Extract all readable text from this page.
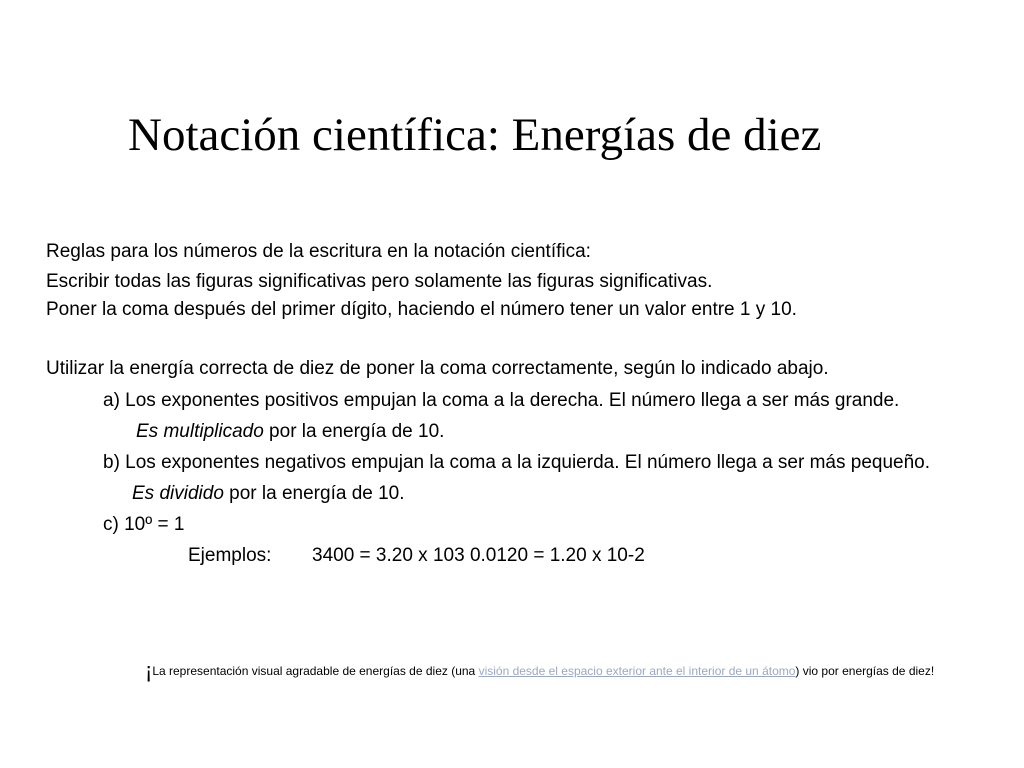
Notación científica: Energías de diez
Reglas para los números de la escritura en la notación científica:
Escribir todas las figuras significativas pero solamente las figuras significativas.
Poner la coma después del primer dígito, haciendo el número tener un valor entre 1 y 10.
Utilizar la energía correcta de diez de poner la coma correctamente, según lo indicado abajo.
a) Los exponentes positivos empujan la coma a la derecha. El número llega a ser más grande.
Es multiplicado por la energía de 10.
b) Los exponentes negativos empujan la coma a la izquierda. El número llega a ser más pequeño.
Es dividido por la energía de 10.
c) 10º = 1
Ejemplos: 3400 = 3.20 x 103 0.0120 = 1.20 x 10-2
¡La representación visual agradable de energías de diez (una visión desde el espacio exterior ante el interior de un átomo) vio por energías de diez!
